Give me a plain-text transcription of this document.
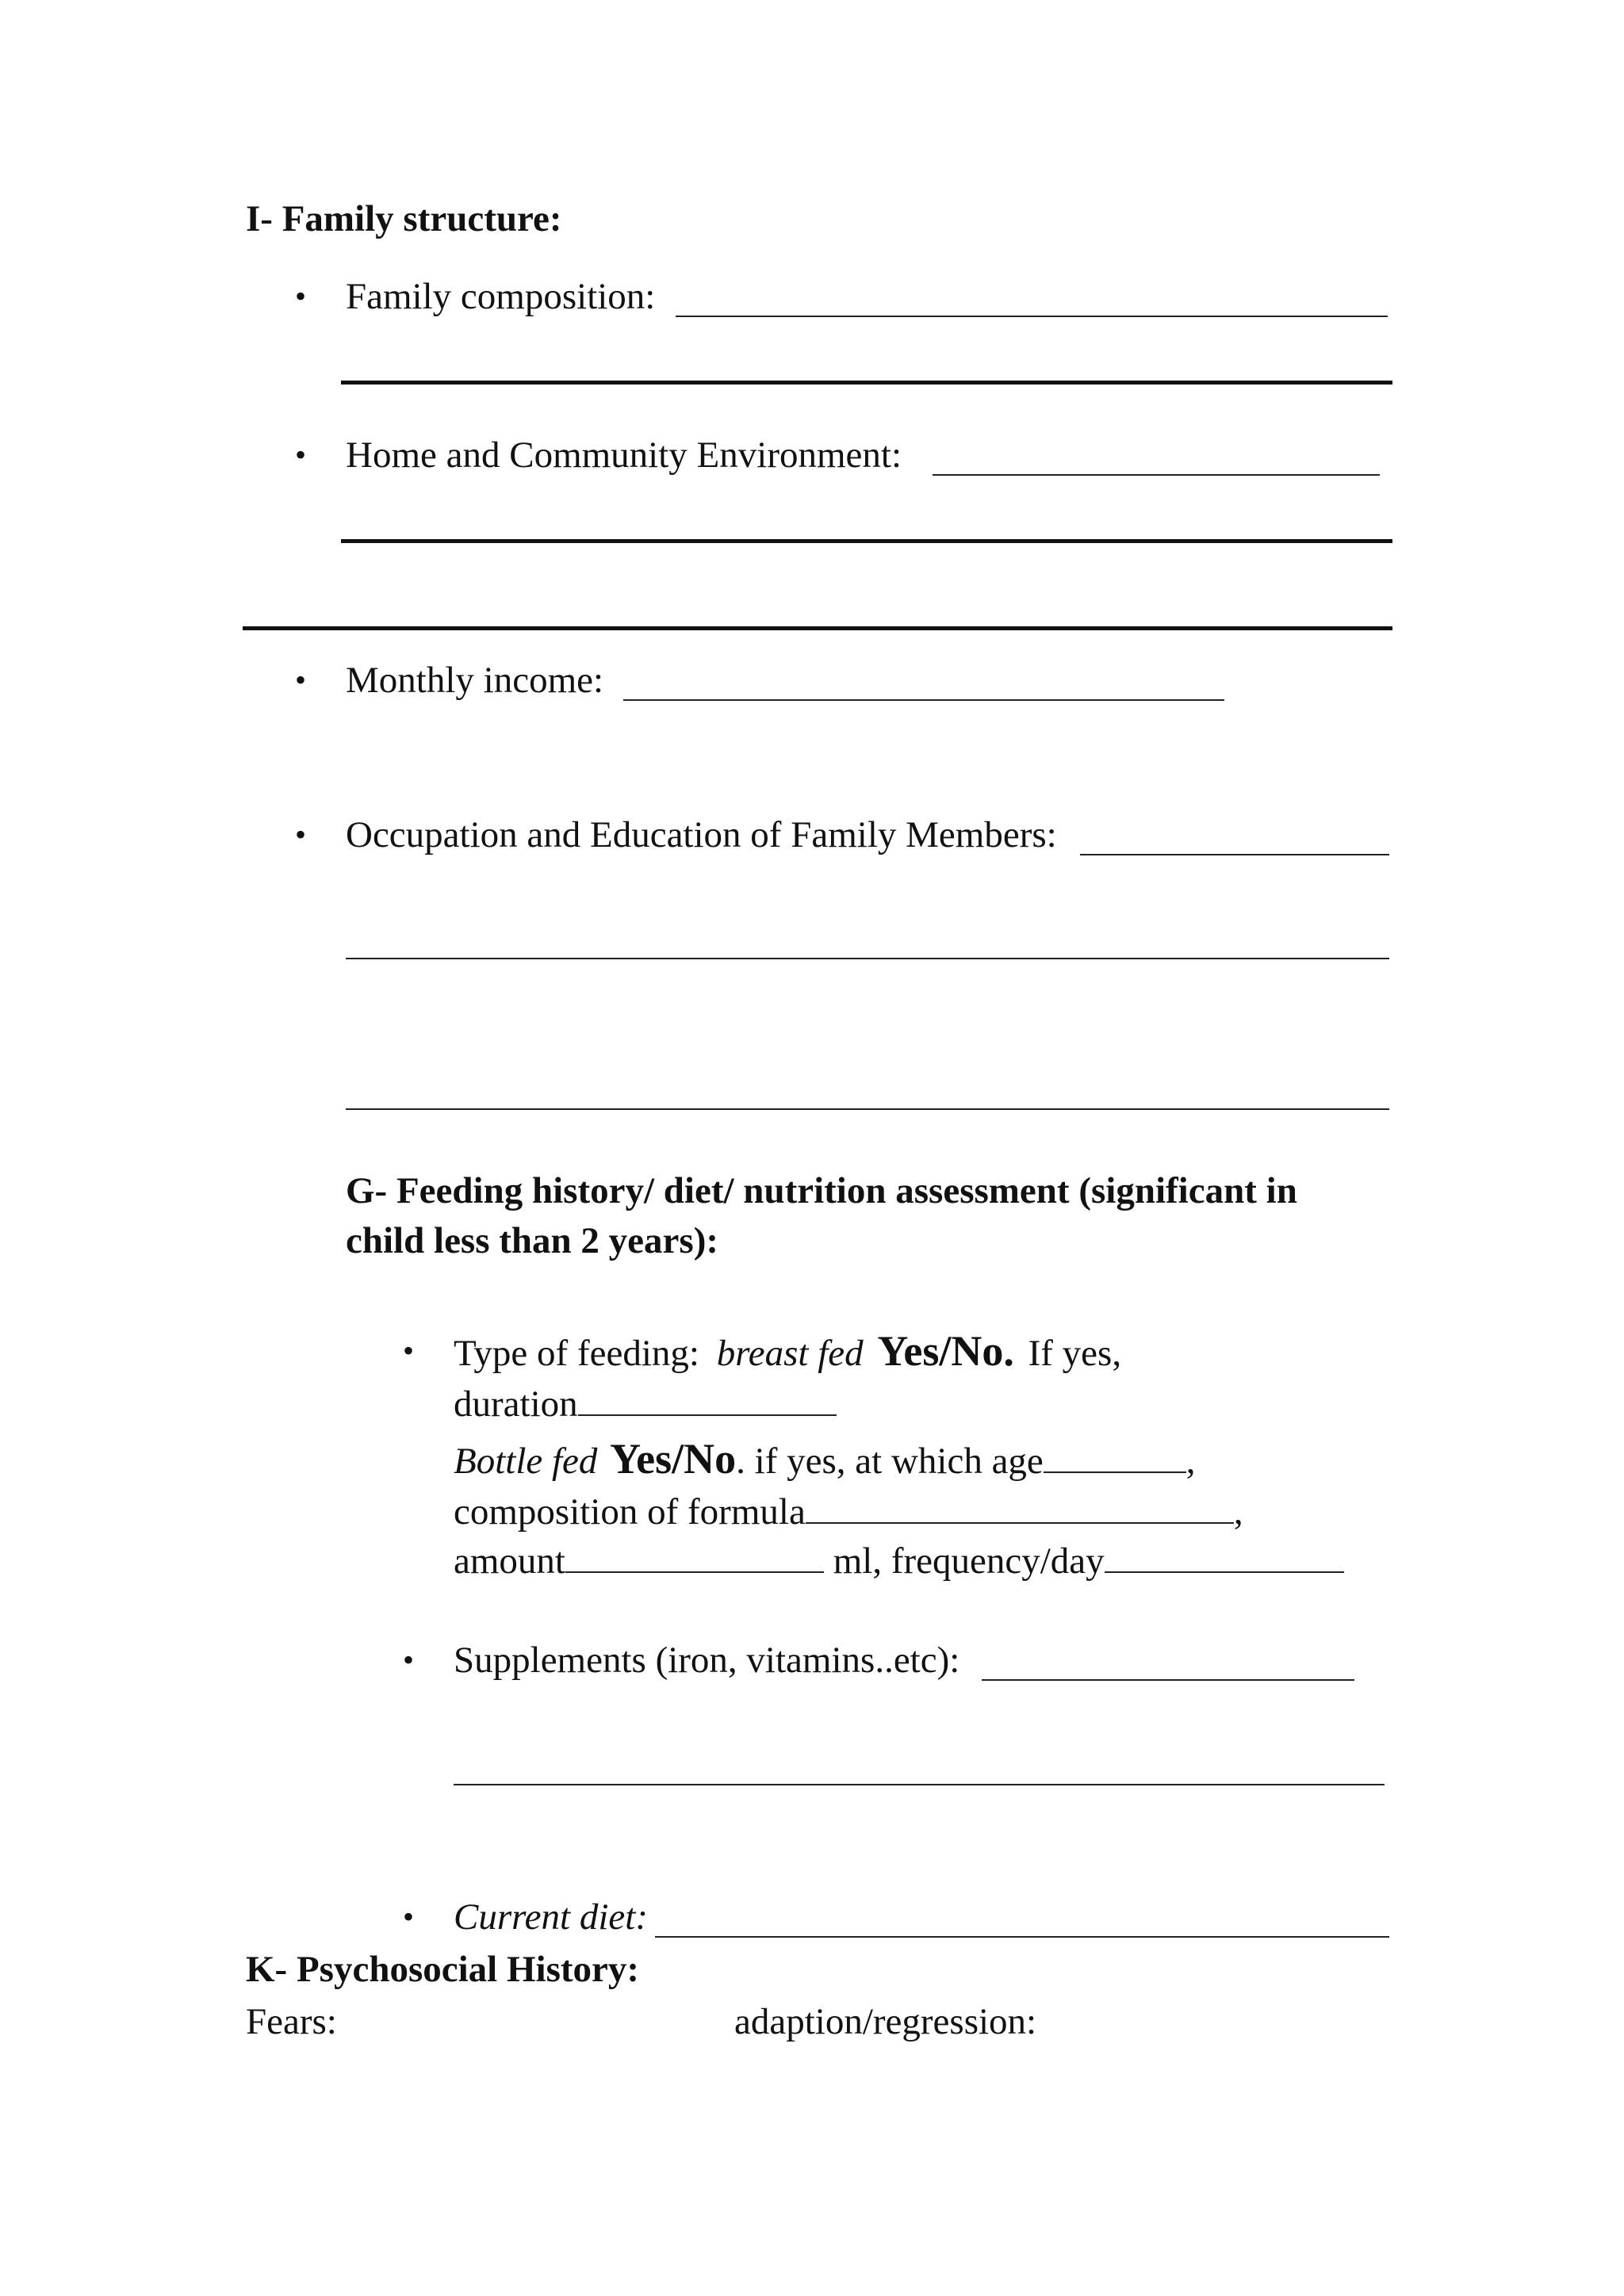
I- Family structure:
• Family composition:
• Home and Community Environment:
• Monthly income:
• Occupation and Education of Family Members:
G- Feeding history/ diet/ nutrition assessment (significant in
child less than 2 years):
• Type of feeding: breast fed Yes/No. If yes,
duration
Bottle fed Yes/No. if yes, at which age	,
composition of formula	,
amount	ml, frequency/day
• Supplements (iron, vitamins..etc):
• Current diet:
K- Psychosocial History:
Fears:	adaption/regression:
